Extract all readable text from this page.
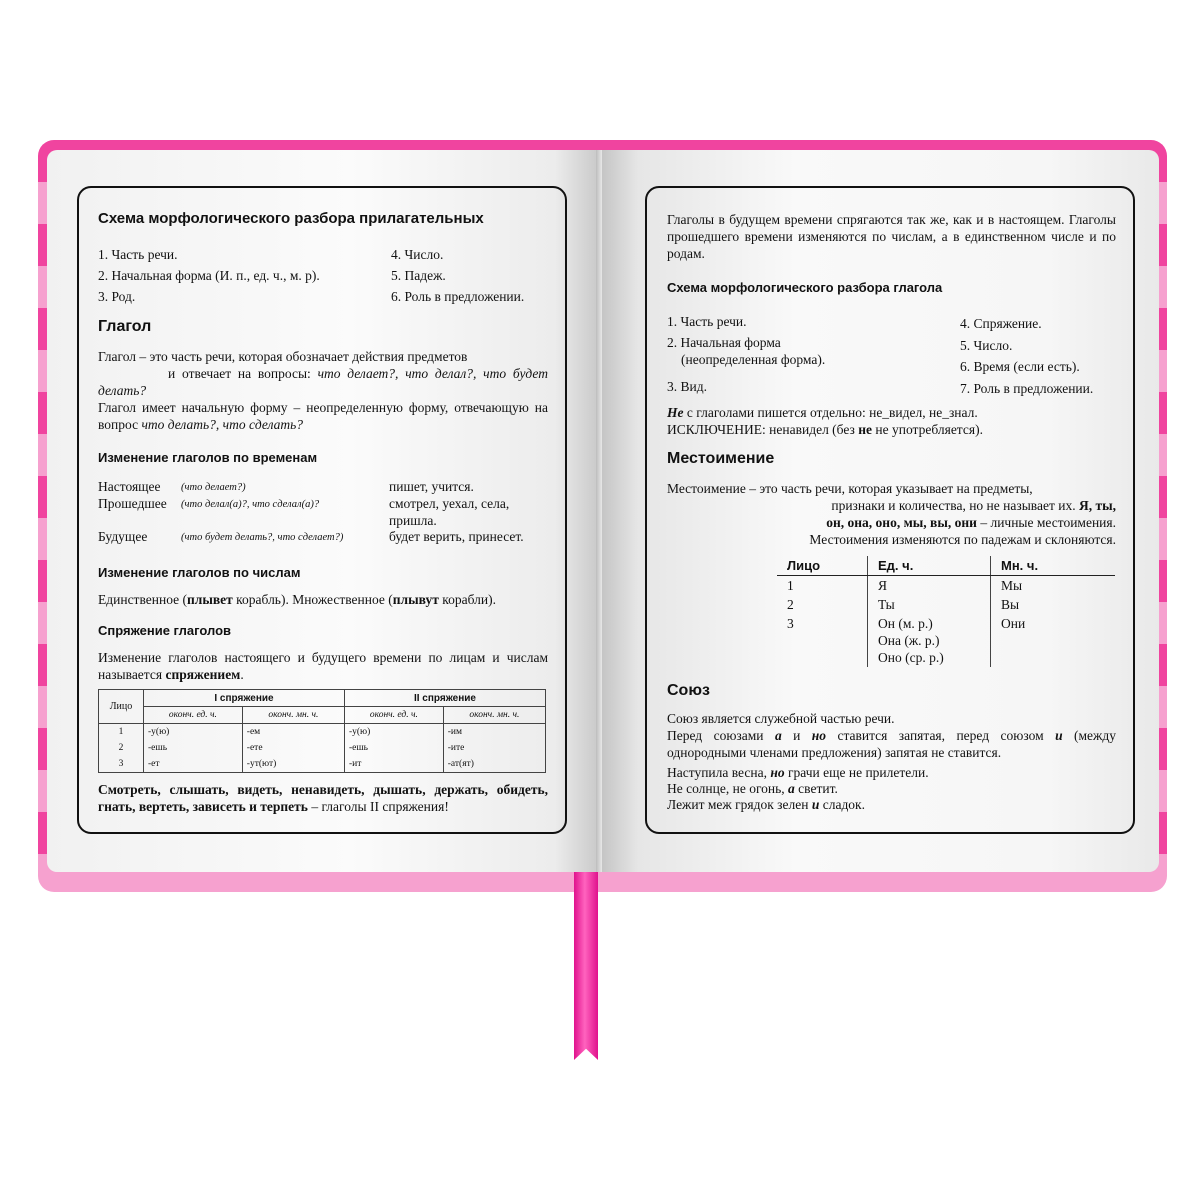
Схема морфологического разбора прилагательных
1. Часть речи.
2. Начальная форма (И. п., ед. ч., м. р).
3. Род.
4. Число.
5. Падеж.
6. Роль в предложении.
Глагол
Глагол – это часть речи, которая обозначает действия предметов
и отвечает на вопросы: что делает?, что делал?, что будет делать?
Глагол имеет начальную форму – неопределенную форму, отвечающую на вопрос что делать?, что сделать?
Изменение глаголов по временам
Настоящее (что делает?)	пишет, учится.
Прошедшее (что делал(а)?, что сделал(а)?	смотрел, уехал, села, пришла.
Будущее	(что будет делать?, что сделает?)	будет верить, принесет.
Изменение глаголов по числам
Единственное (плывет корабль). Множественное (плывут корабли).
Спряжение глаголов
Изменение глаголов настоящего и будущего времени по лицам и числам называется спряжением.
Лицо	I спряжение		II спряжение	
	оконч. ед. ч.	оконч. мн. ч.	оконч. ед. ч.	оконч. мн. ч.
1	-у(ю)	-ем	-у(ю)	-им
2	-ешь	-ете	-ешь	-ите
3	-ет	-ут(ют)	-ит	-ат(ят)
Смотреть, слышать, видеть, ненавидеть, дышать, держать, обидеть, гнать, вертеть, зависеть и терпеть – глаголы II спряжения!
Глаголы в будущем времени спрягаются так же, как и в настоящем. Глаголы прошедшего времени изменяются по числам, а в единственном числе и по родам.
Схема морфологического разбора глагола
1. Часть речи.
2. Начальная форма
(неопределенная форма).
3. Вид.
4. Спряжение.
5. Число.
6. Время (если есть).
7. Роль в предложении.
Не с глаголами пишется отдельно: не_видел, не_знал.
ИСКЛЮЧЕНИЕ: ненавидел (без не не употребляется).
Местоимение
Местоимение – это часть речи, которая указывает на предметы,
признаки и количества, но не называет их. Я, ты,
он, она, оно, мы, вы, они – личные местоимения.
Местоимения изменяются по падежам и склоняются.
Лицо	Ед. ч.	Мн. ч.
1	Я	Мы
2	Ты	Вы
3	Он (м. р.)
Она (ж. р.)
Оно (ср. р.)	Они
Союз
Союз является служебной частью речи.
Перед союзами а и но ставится запятая, перед союзом и (между однородными членами предложения) запятая не ставится.
Наступила весна, но грачи еще не прилетели.
Не солнце, не огонь, а светит.
Лежит меж грядок зелен и сладок.
